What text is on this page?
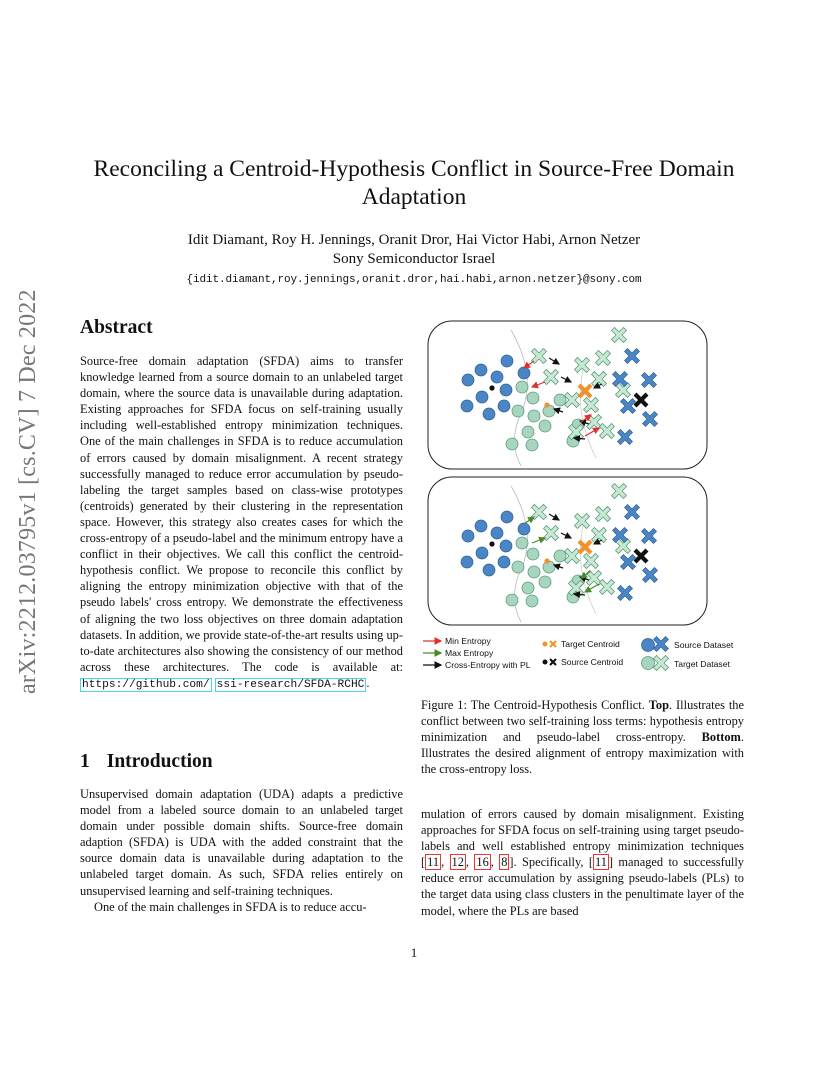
arXiv:2212.03795v1 [cs.CV] 7 Dec 2022
Reconciling a Centroid-Hypothesis Conflict in Source-Free Domain
Adaptation
Idit Diamant, Roy H. Jennings, Oranit Dror, Hai Victor Habi, Arnon Netzer
Sony Semiconductor Israel
{idit.diamant,roy.jennings,oranit.dror,hai.habi,arnon.netzer}@sony.com
Abstract
Source-free domain adaptation (SFDA) aims to transfer knowledge learned from a source domain to an unlabeled target domain, where the source data is unavailable during adaptation. Existing approaches for SFDA focus on self-training usually including well-established entropy minimization techniques. One of the main challenges in SFDA is to reduce accumulation of errors caused by domain misalignment. A recent strategy successfully managed to reduce error accumulation by pseudo-labeling the target samples based on class-wise prototypes (centroids) generated by their clustering in the representation space. However, this strategy also creates cases for which the cross-entropy of a pseudo-label and the minimum entropy have a conflict in their objectives. We call this conflict the centroid-hypothesis conflict. We propose to reconcile this conflict by aligning the entropy minimization objective with that of the pseudo labels' cross entropy. We demonstrate the effectiveness of aligning the two loss objectives on three domain adaptation datasets. In addition, we provide state-of-the-art results using up-to-date architectures also showing the consistency of our method across these architectures. The code is available at: https://github.com/ ssi-research/SFDA-RCHC .
1 Introduction

Unsupervised domain adaptation (UDA) adapts a predictive model from a labeled source domain to an unlabeled target domain under possible domain shifts. Source-free domain adaption (SFDA) is UDA with the added constraint that the source domain data is unavailable during adaptation to the unlabeled target domain. As such, SFDA relies entirely on unsupervised learning and self-training techniques.

One of the main challenges in SFDA is to reduce accu-

Min Entropy
Max Entropy
Cross-Entropy with PL
Target Centroid
Source Centroid
Source Dataset
Target Dataset
Figure 1: The Centroid-Hypothesis Conflict. Top. Illustrates the conflict between two self-training loss terms: hypothesis entropy minimization and pseudo-label cross-entropy. Bottom. Illustrates the desired alignment of entropy maximization with the cross-entropy loss.
mulation of errors caused by domain misalignment. Existing approaches for SFDA focus on self-training using target pseudo-labels and well established entropy minimization techniques [ 11 , 12 , 16 , 8 ]. Specifically, [ 11 ] managed to successfully reduce error accumulation by assigning pseudo-labels (PLs) to the target data using class clusters in the penultimate layer of the model, where the PLs are based
1
